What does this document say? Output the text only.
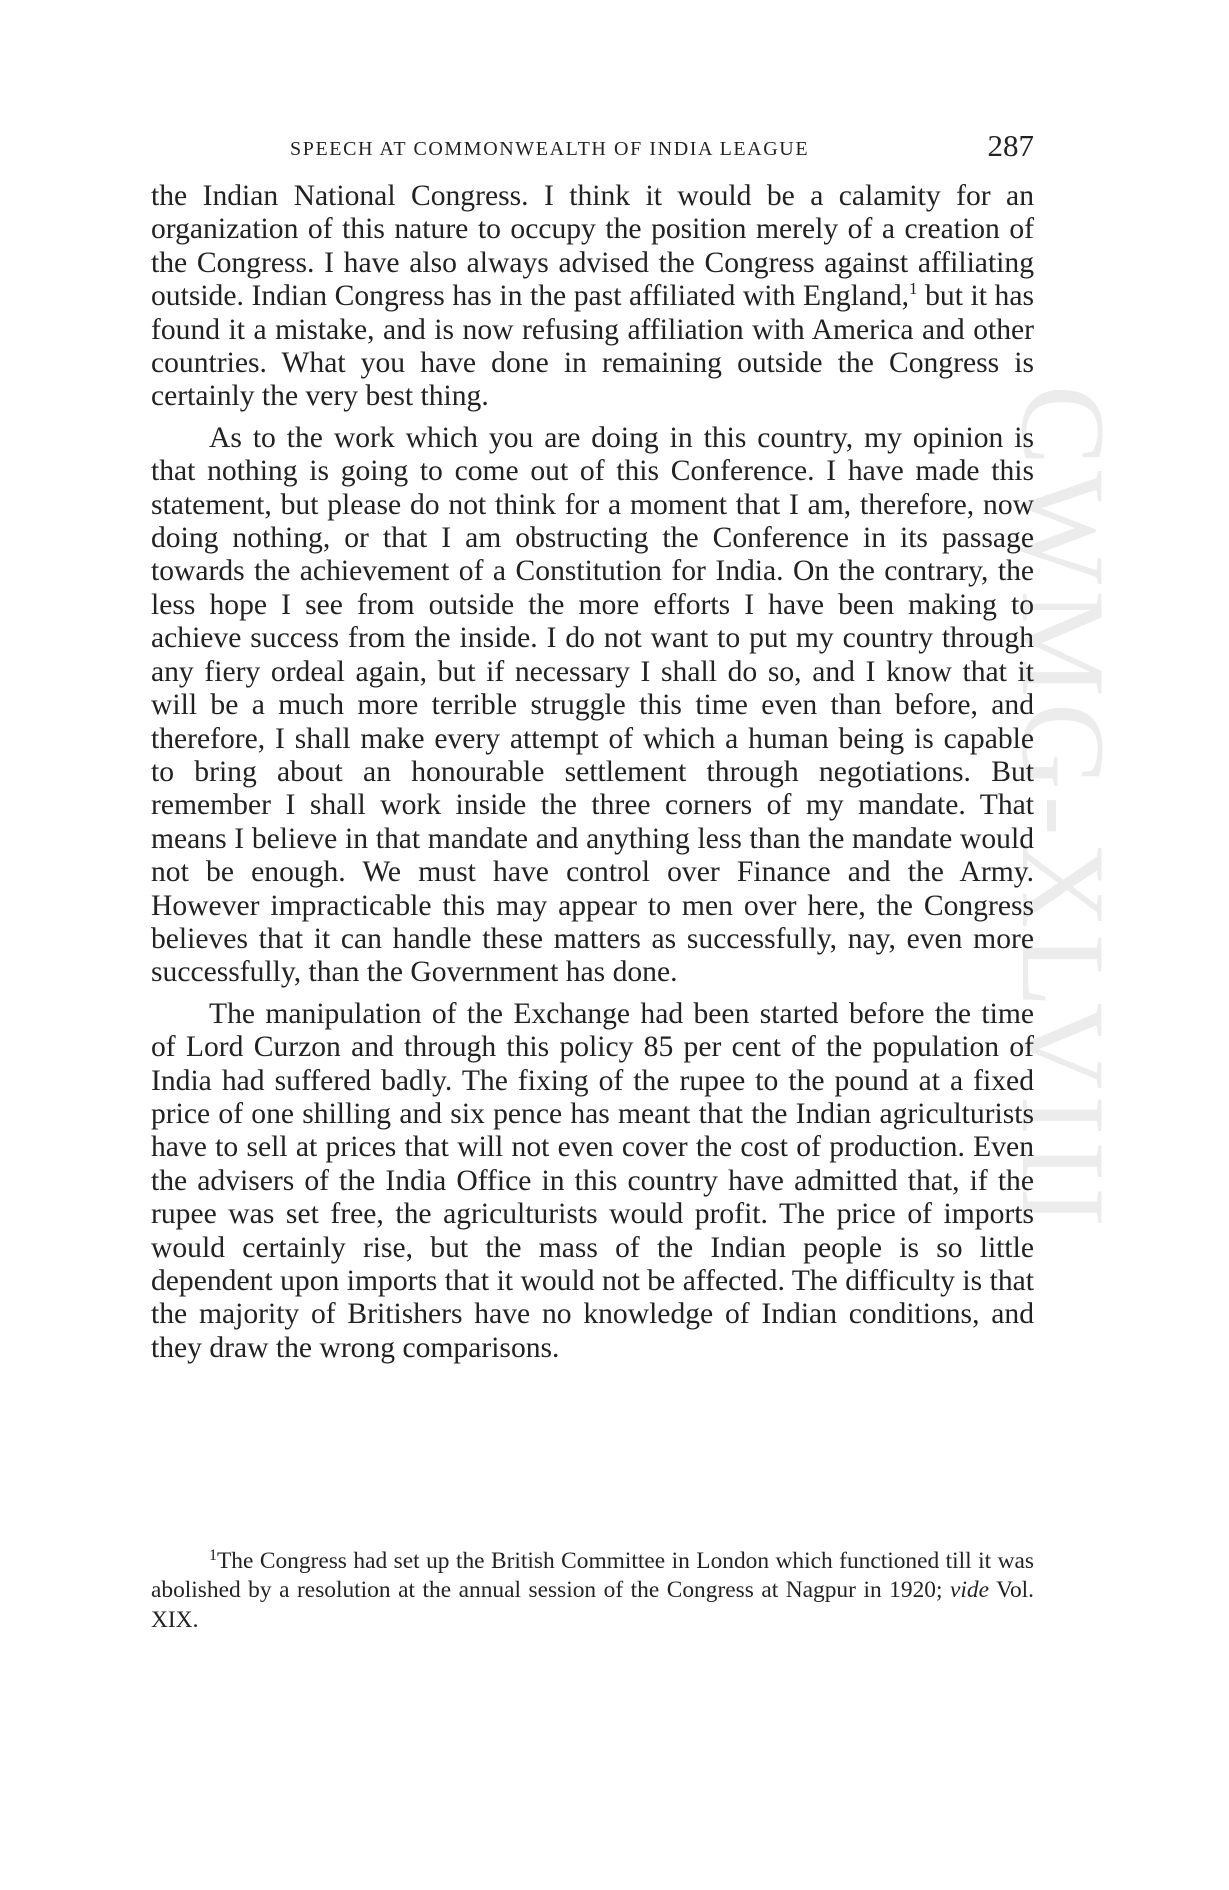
SPEECH AT COMMONWEALTH OF INDIA LEAGUE	287
CWMG-XLVIII

the Indian National Congress. I think it would be a calamity for an organization of this nature to occupy the position merely of a creation of the Congress. I have also always advised the Congress against affiliating outside. Indian Congress has in the past affiliated with England,$^1$ but it has found it a mistake, and is now refusing affiliation with America and other countries. What you have done in remaining outside the Congress is certainly the very best thing.

As to the work which you are doing in this country, my opinion is that nothing is going to come out of this Conference. I have made this statement, but please do not think for a moment that I am, therefore, now doing nothing, or that I am obstructing the Conference in its passage towards the achievement of a Constitution for India. On the contrary, the less hope I see from outside the more efforts I have been making to achieve success from the inside. I do not want to put my country through any fiery ordeal again, but if necessary I shall do so, and I know that it will be a much more terrible struggle this time even than before, and therefore, I shall make every attempt of which a human being is capable to bring about an honourable settlement through negotiations. But remember I shall work inside the three corners of my mandate. That means I believe in that mandate and anything less than the mandate would not be enough. We must have control over Finance and the Army. However impracticable this may appear to men over here, the Congress believes that it can handle these matters as successfully, nay, even more successfully, than the Government has done.

The manipulation of the Exchange had been started before the time of Lord Curzon and through this policy 85 per cent of the population of India had suffered badly. The fixing of the rupee to the pound at a fixed price of one shilling and six pence has meant that the Indian agriculturists have to sell at prices that will not even cover the cost of production. Even the advisers of the India Office in this country have admitted that, if the rupee was set free, the agriculturists would profit. The price of imports would certainly rise, but the mass of the Indian people is so little dependent upon imports that it would not be affected. The difficulty is that the majority of Britishers have no knowledge of Indian conditions, and they draw the wrong comparisons.

$^1$The Congress had set up the British Committee in London which functioned till it was abolished by a resolution at the annual session of the Congress at Nagpur in 1920; vide Vol. XIX.
